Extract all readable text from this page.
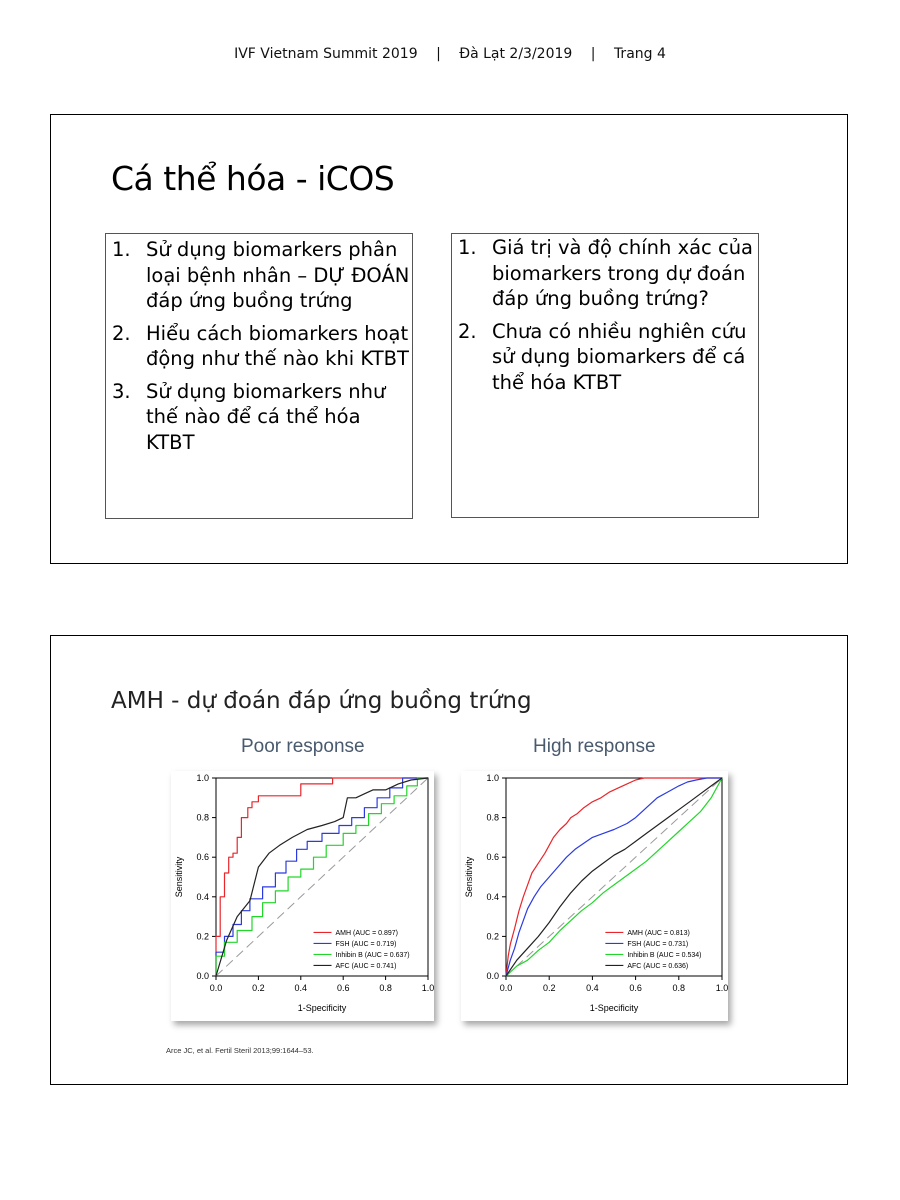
IVF Vietnam Summit 2019 | Đà Lạt 2/3/2019 | Trang 4
Cá thể hóa - iCOS
1. Sử dụng biomarkers phân loại bệnh nhân – DỰ ĐOÁN đáp ứng buồng trứng
2. Hiểu cách biomarkers hoạt động như thế nào khi KTBT
3. Sử dụng biomarkers như thế nào để cá thể hóa KTBT
1. Giá trị và độ chính xác của biomarkers trong dự đoán đáp ứng buồng trứng?
2. Chưa có nhiều nghiên cứu sử dụng biomarkers để cá thể hóa KTBT
AMH - dự đoán đáp ứng buồng trứng
Poor response	High response
0.0	0.2	0.4	0.6	0.8	1.0
0.0
0.2
0.4
0.6
0.8
1.0
1-Specificity
Sensitivity
AMH (AUC = 0.897)
FSH (AUC = 0.719)
Inhibin B (AUC = 0.637)
AFC (AUC = 0.741)
0.0	0.2	0.4	0.6	0.8	1.0
0.0
0.2
0.4
0.6
0.8
1.0
1-Specificity
Sensitivity
AMH (AUC = 0.813)
FSH (AUC = 0.731)
Inhibin B (AUC = 0.534)
AFC (AUC = 0.636)
Arce JC, et al. Fertil Steril 2013;99:1644–53.
